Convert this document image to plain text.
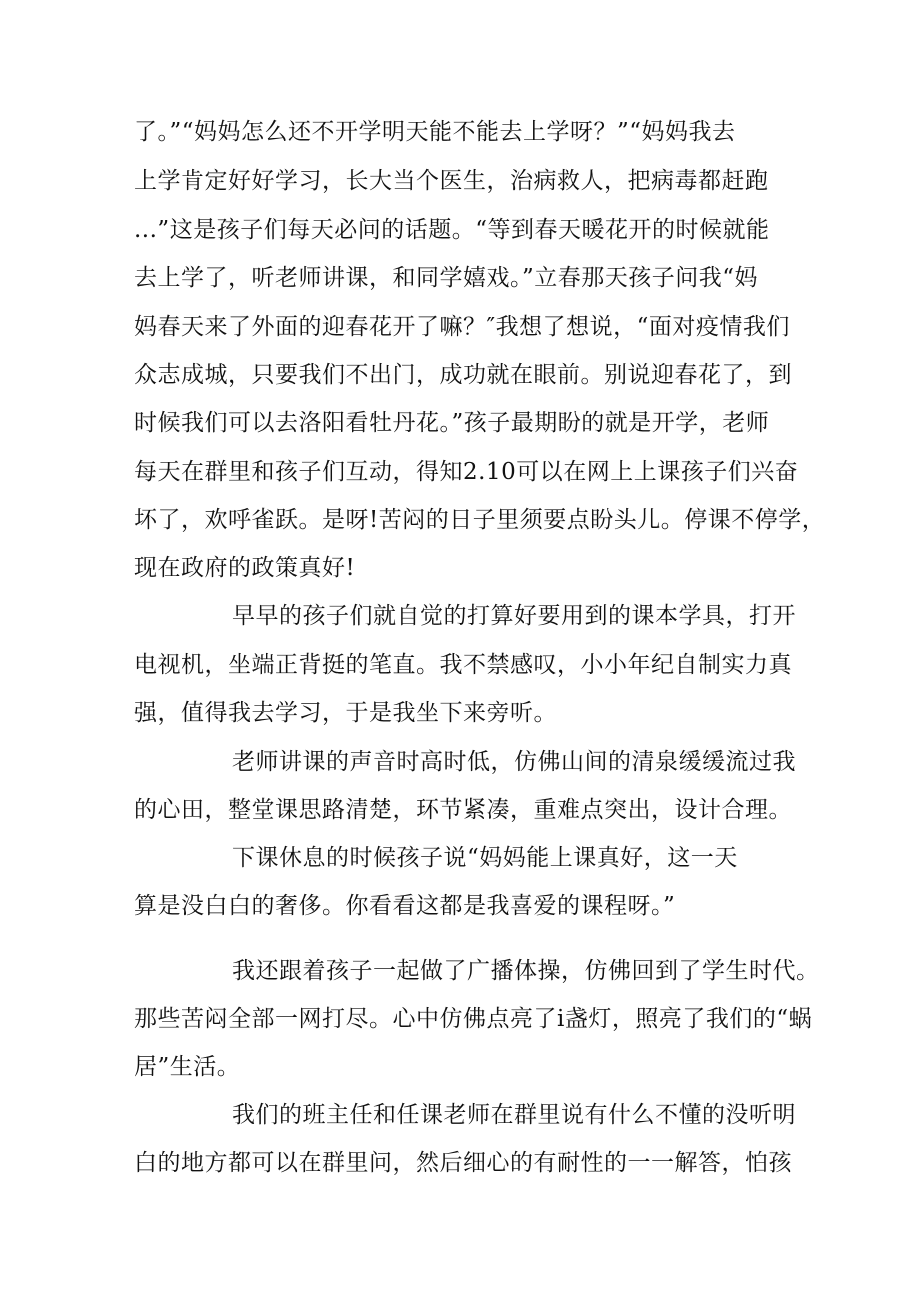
了。”“妈妈怎么还不开学明天能不能去上学呀？”“妈妈我去
上学肯定好好学习，长大当个医生，治病救人，把病毒都赶跑
...”这是孩子们每天必问的话题。“等到春天暖花开的时候就能
去上学了，听老师讲课，和同学嬉戏。”立春那天孩子问我“妈
妈春天来了外面的迎春花开了嘛？″我想了想说，“面对疫情我们
众志成城，只要我们不出门，成功就在眼前。别说迎春花了，到
时候我们可以去洛阳看牡丹花。”孩子最期盼的就是开学，老师
每天在群里和孩子们互动，得知2.10可以在网上上课孩子们兴奋
坏了，欢呼雀跃。是呀!苦闷的日子里须要点盼头儿。停课不停学，
现在政府的政策真好!
早早的孩子们就自觉的打算好要用到的课本学具，打开
电视机，坐端正背挺的笔直。我不禁感叹，小小年纪自制实力真
强，值得我去学习，于是我坐下来旁听。
老师讲课的声音时高时低，仿佛山间的清泉缓缓流过我
的心田，整堂课思路清楚，环节紧凑，重难点突出，设计合理。
下课休息的时候孩子说“妈妈能上课真好，这一天
算是没白白的奢侈。你看看这都是我喜爱的课程呀。”
我还跟着孩子一起做了广播体操，仿佛回到了学生时代。
那些苦闷全部一网打尽。心中仿佛点亮了i盏灯，照亮了我们的“蜗
居”生活。
我们的班主任和任课老师在群里说有什么不懂的没听明
白的地方都可以在群里问，然后细心的有耐性的一一解答，怕孩
